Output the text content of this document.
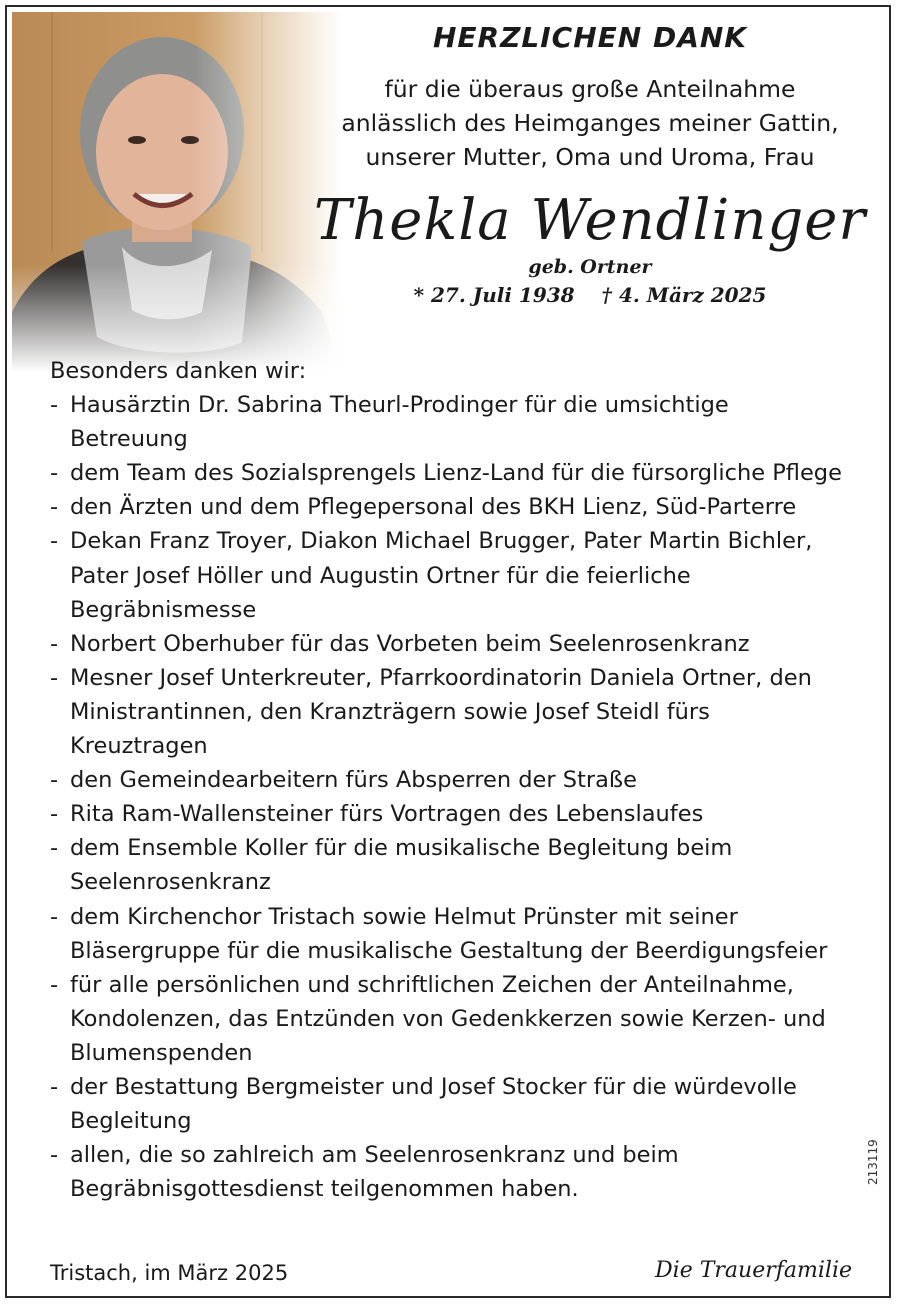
HERZLICHEN DANK
für die überaus große Anteilnahme
anlässlich des Heimganges meiner Gattin,
unserer Mutter, Oma und Uroma, Frau
Thekla Wendlinger
geb. Ortner
* 27. Juli 1938 † 4. März 2025
Besonders danken wir:
- Hausärztin Dr. Sabrina Theurl-Prodinger für die umsichtige Betreuung
- dem Team des Sozialsprengels Lienz-Land für die fürsorgliche Pflege
- den Ärzten und dem Pflegepersonal des BKH Lienz, Süd-Parterre
- Dekan Franz Troyer, Diakon Michael Brugger, Pater Martin Bichler, Pater Josef Höller und Augustin Ortner für die feierliche Begräbnismesse
- Norbert Oberhuber für das Vorbeten beim Seelenrosenkranz
- Mesner Josef Unterkreuter, Pfarrkoordinatorin Daniela Ortner, den Ministrantinnen, den Kranzträgern sowie Josef Steidl fürs Kreuztragen
- den Gemeindearbeitern fürs Absperren der Straße
- Rita Ram-Wallensteiner fürs Vortragen des Lebenslaufes
- dem Ensemble Koller für die musikalische Begleitung beim Seelenrosenkranz
- dem Kirchenchor Tristach sowie Helmut Prünster mit seiner Bläsergruppe für die musikalische Gestaltung der Beerdigungsfeier
- für alle persönlichen und schriftlichen Zeichen der Anteilnahme, Kondolenzen, das Entzünden von Gedenkkerzen sowie Kerzen- und Blumenspenden
- der Bestattung Bergmeister und Josef Stocker für die würdevolle Begleitung
- allen, die so zahlreich am Seelenrosenkranz und beim Begräbnisgottesdienst teilgenommen haben.
Tristach, im März 2025	Die Trauerfamilie
213119
